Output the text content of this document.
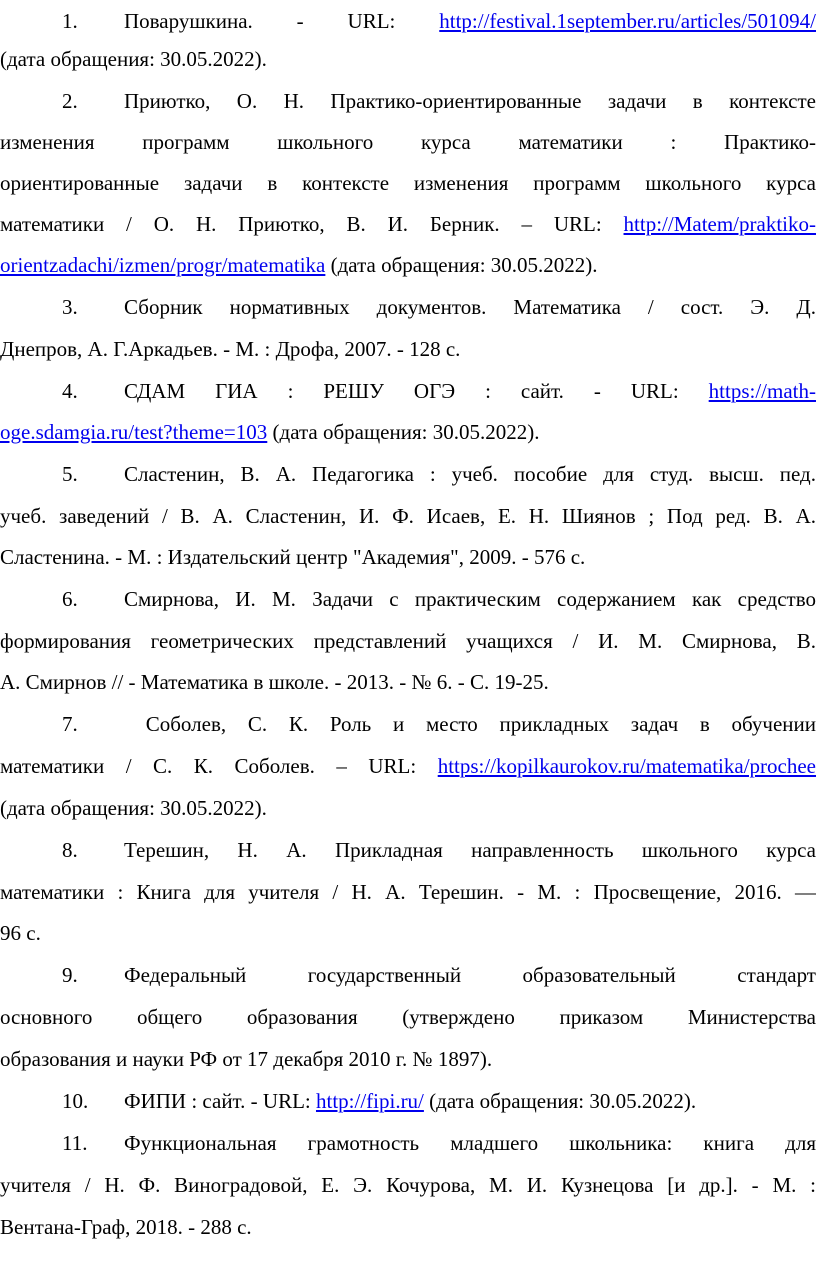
1. Поварушкина. - URL: http://festival.1september.ru/articles/501094/
(дата обращения: 30.05.2022).
2. Приютко, О. Н. Практико-ориентированные задачи в контексте
изменения программ школьного курса математики : Практико-
ориентированные задачи в контексте изменения программ школьного курса
математики / О. Н. Приютко, В. И. Берник. – URL: http://Matem/praktiko-
orientzadachi/izmen/progr/matematika (дата обращения: 30.05.2022).
3. Сборник нормативных документов. Математика / сост. Э. Д.
Днепров, А. Г.Аркадьев. - М. : Дрофа, 2007. - 128 с.
4. СДАМ ГИА : РЕШУ ОГЭ : сайт. - URL: https://math-
oge.sdamgia.ru/test?theme=103 (дата обращения: 30.05.2022).
5. Сластенин, В. А. Педагогика : учеб. пособие для студ. высш. пед.
учеб. заведений / В. А. Сластенин, И. Ф. Исаев, Е. Н. Шиянов ; Под ред. В. А.
Сластенина. - М. : Издательский центр "Академия", 2009. - 576 с.
6. Смирнова, И. М. Задачи с практическим содержанием как средство
формирования геометрических представлений учащихся / И. М. Смирнова, В.
А. Смирнов // - Математика в школе. - 2013. - № 6. - С. 19-25.
7. Соболев, С. К. Роль и место прикладных задач в обучении
математики / С. К. Соболев. – URL: https://kopilkaurokov.ru/matematika/prochee
(дата обращения: 30.05.2022).
8. Терешин, Н. А. Прикладная направленность школьного курса
математики : Книга для учителя / Н. А. Терешин. - М. : Просвещение, 2016. —
96 с.
9. Федеральный государственный образовательный стандарт
основного общего образования (утверждено приказом Министерства
образования и науки РФ от 17 декабря 2010 г. № 1897).
10. ФИПИ : сайт. - URL: http://fipi.ru/ (дата обращения: 30.05.2022).
11. Функциональная грамотность младшего школьника: книга для
учителя / Н. Ф. Виноградовой, Е. Э. Кочурова, М. И. Кузнецова [и др.]. - М. :
Вентана-Граф, 2018. - 288 с.
